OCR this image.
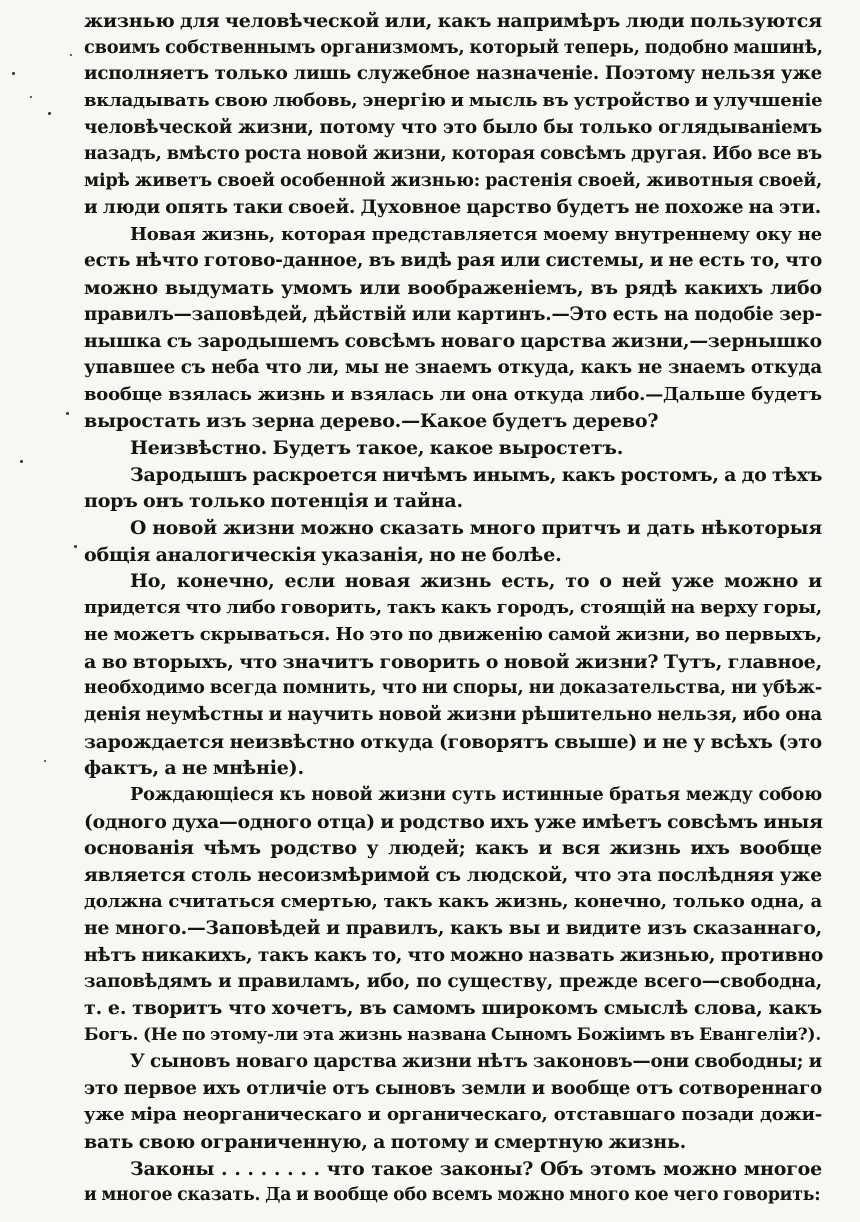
жизнью для человѣческой или, какъ напримѣръ люди пользуются
своимъ собственнымъ организмомъ, который теперь, подобно машинѣ,
исполняетъ только лишь служебное назначеніе. Поэтому нельзя уже
вкладывать свою любовь, энергію и мысль въ устройство и улучшеніе
человѣческой жизни, потому что это было бы только оглядываніемъ
назадъ, вмѣсто роста новой жизни, которая совсѣмъ другая. Ибо все въ
мірѣ живетъ своей особенной жизнью: растенія своей, животныя своей,
и люди опять таки своей. Духовное царство будетъ не похоже на эти.
Новая жизнь, которая представляется моему внутреннему оку не
есть нѣчто готово-данное, въ видѣ рая или системы, и не есть то, что
можно выдумать умомъ или воображеніемъ, въ рядѣ какихъ либо
правилъ—заповѣдей, дѣйствій или картинъ.—Это есть на подобіе зер-
нышка съ зародышемъ совсѣмъ новаго царства жизни,—зернышко
упавшее съ неба что ли, мы не знаемъ откуда, какъ не знаемъ откуда
вообще взялась жизнь и взялась ли она откуда либо.—Дальше будетъ
выростать изъ зерна дерево.—Какое будетъ дерево?
Неизвѣстно. Будетъ такое, какое выростетъ.
Зародышъ раскроется ничѣмъ инымъ, какъ ростомъ, а до тѣхъ
поръ онъ только потенція и тайна.
О новой жизни можно сказать много притчъ и дать нѣкоторыя
общія аналогическія указанія, но не болѣе.
Но, конечно, если новая жизнь есть, то о ней уже можно и
придется что либо говорить, такъ какъ городъ, стоящій на верху горы,
не можетъ скрываться. Но это по движенію самой жизни, во первыхъ,
а во вторыхъ, что значитъ говорить о новой жизни? Тутъ, главное,
необходимо всегда помнить, что ни споры, ни доказательства, ни убѣж-
денія неумѣстны и научить новой жизни рѣшительно нельзя, ибо она
зарождается неизвѣстно откуда (говорятъ свыше) и не у всѣхъ (это
фактъ, а не мнѣніе).
Рождающіеся къ новой жизни суть истинные братья между собою
(одного духа—одного отца) и родство ихъ уже имѣетъ совсѣмъ иныя
основанія чѣмъ родство у людей; какъ и вся жизнь ихъ вообще
является столь несоизмѣримой съ людской, что эта послѣдняя уже
должна считаться смертью, такъ какъ жизнь, конечно, только одна, а
не много.—Заповѣдей и правилъ, какъ вы и видите изъ сказаннаго,
нѣтъ никакихъ, такъ какъ то, что можно назвать жизнью, противно
заповѣдямъ и правиламъ, ибо, по существу, прежде всего—свободна,
т. е. творитъ что хочетъ, въ самомъ широкомъ смыслѣ слова, какъ
Богъ. (Не по этому-ли эта жизнь названа Сыномъ Божіимъ въ Евангеліи?).
У сыновъ новаго царства жизни нѣтъ законовъ—они свободны; и
это первое ихъ отличіе отъ сыновъ земли и вообще отъ сотвореннаго
уже міра неорганическаго и органическаго, отставшаго позади дожи-
вать свою ограниченную, а потому и смертную жизнь.
Законы . . . . . . . . что такое законы? Объ этомъ можно многое
и многое сказать. Да и вообще обо всемъ можно много кое чего говорить:
